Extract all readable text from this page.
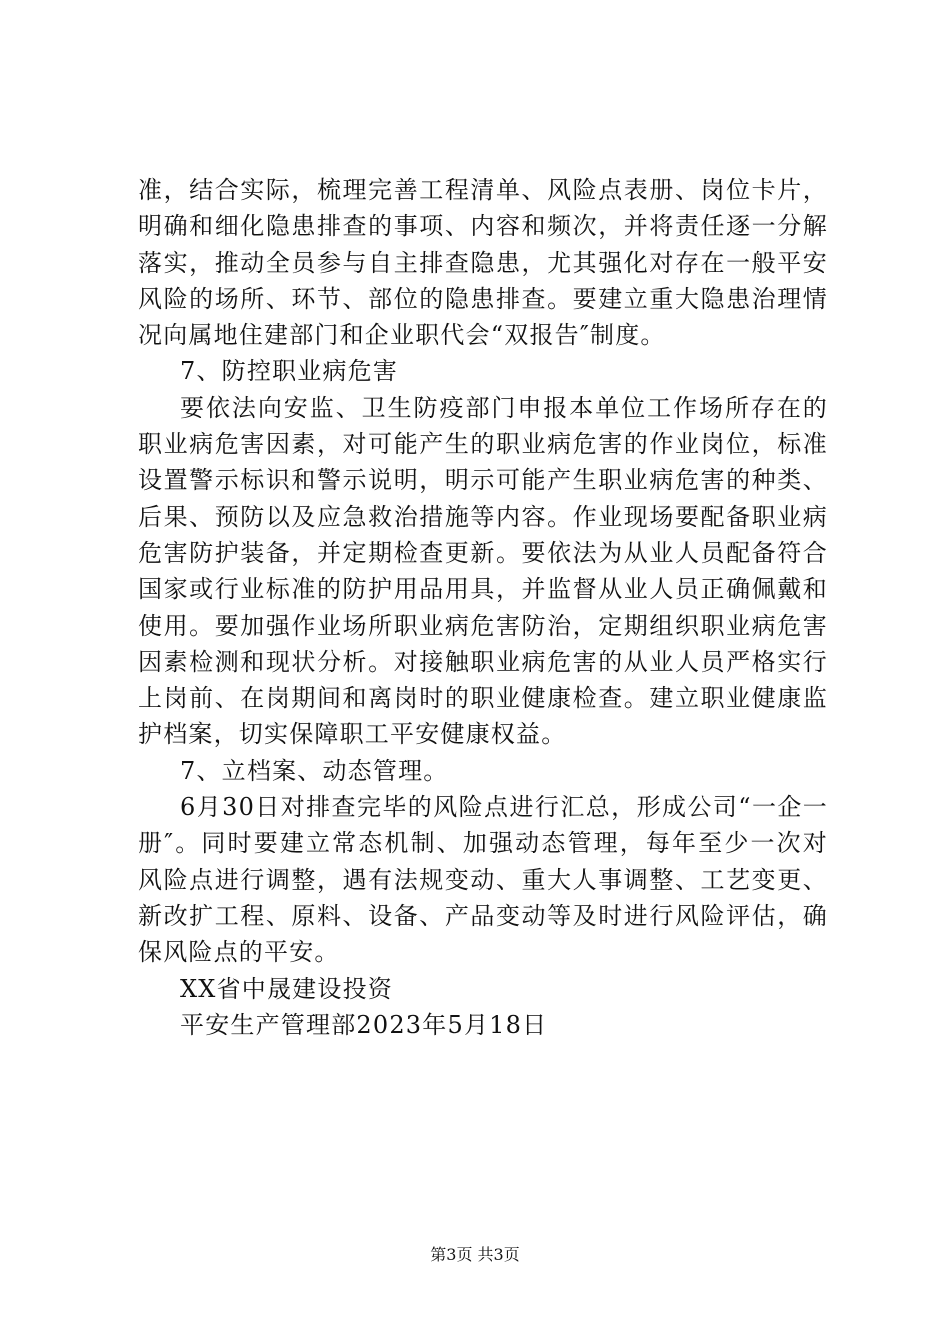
准，结合实际，梳理完善工程清单、风险点表册、岗位卡片，明确和细化隐患排查的事项、内容和频次，并将责任逐一分解落实，推动全员参与自主排查隐患，尤其强化对存在一般平安风险的场所、环节、部位的隐患排查。要建立重大隐患治理情况向属地住建部门和企业职代会“双报告″制度。

7、防控职业病危害

要依法向安监、卫生防疫部门申报本单位工作场所存在的职业病危害因素，对可能产生的职业病危害的作业岗位，标准设置警示标识和警示说明，明示可能产生职业病危害的种类、后果、预防以及应急救治措施等内容。作业现场要配备职业病危害防护装备，并定期检查更新。要依法为从业人员配备符合国家或行业标准的防护用品用具，并监督从业人员正确佩戴和使用。要加强作业场所职业病危害防治，定期组织职业病危害因素检测和现状分析。对接触职业病危害的从业人员严格实行上岗前、在岗期间和离岗时的职业健康检查。建立职业健康监护档案，切实保障职工平安健康权益。

7、立档案、动态管理。

6月30日对排查完毕的风险点进行汇总，形成公司“一企一册″。同时要建立常态机制、加强动态管理，每年至少一次对风险点进行调整，遇有法规变动、重大人事调整、工艺变更、新改扩工程、原料、设备、产品变动等及时进行风险评估，确保风险点的平安。

XX省中晟建设投资

平安生产管理部2023年5月18日

第3页 共3页
